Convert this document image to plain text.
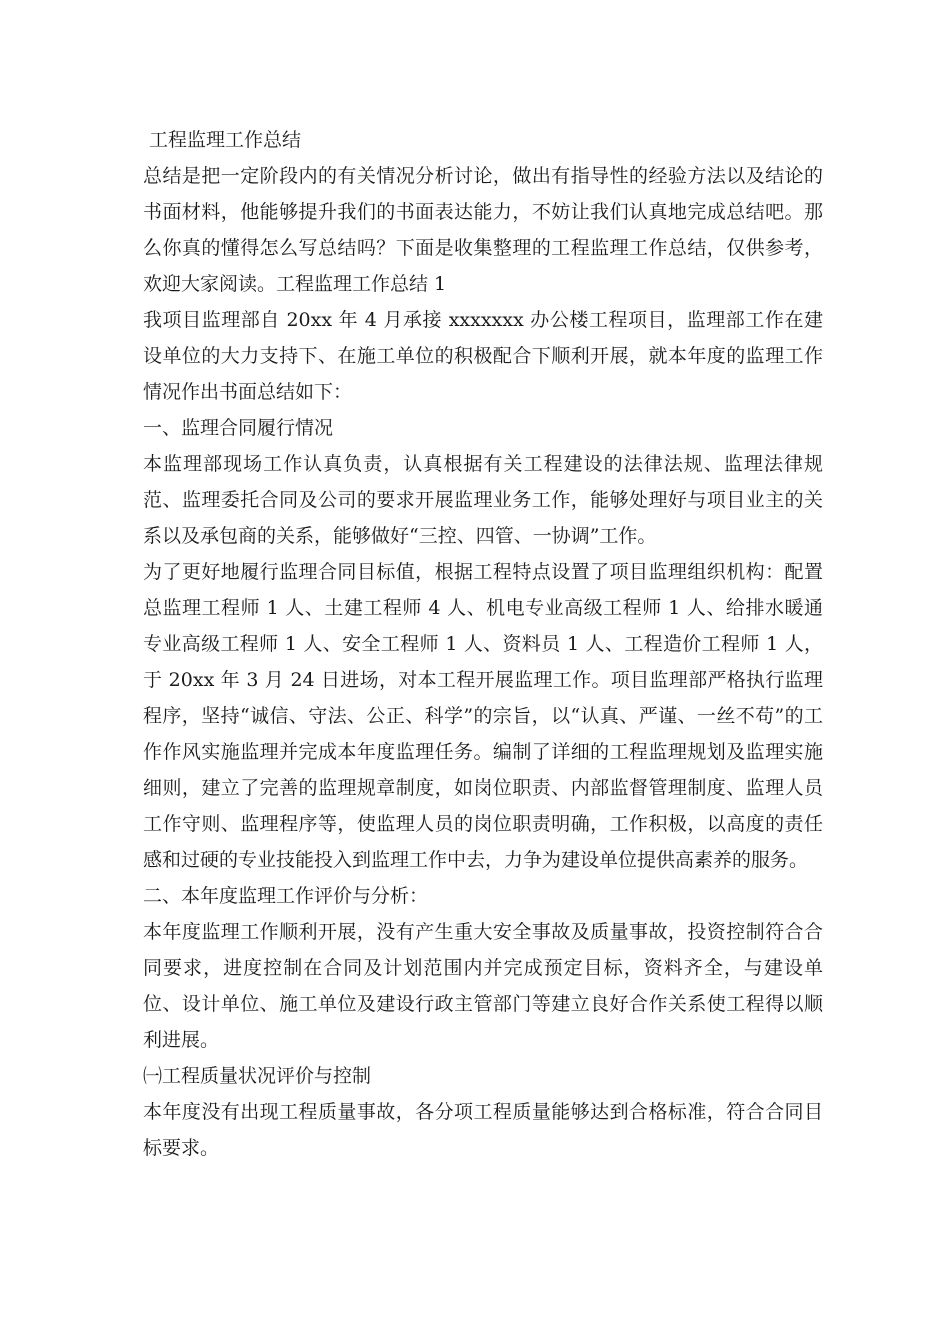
工程监理工作总结

总结是把一定阶段内的有关情况分析讨论，做出有指导性的经验方法以及结论的书面材料，他能够提升我们的书面表达能力，不妨让我们认真地完成总结吧。那么你真的懂得怎么写总结吗？下面是收集整理的工程监理工作总结，仅供参考，欢迎大家阅读。工程监理工作总结 1

我项目监理部自 20xx 年 4 月承接 xxxxxxx 办公楼工程项目，监理部工作在建设单位的大力支持下、在施工单位的积极配合下顺利开展，就本年度的监理工作情况作出书面总结如下：

一、监理合同履行情况

本监理部现场工作认真负责，认真根据有关工程建设的法律法规、监理法律规范、监理委托合同及公司的要求开展监理业务工作，能够处理好与项目业主的关系以及承包商的关系，能够做好“三控、四管、一协调”工作。

为了更好地履行监理合同目标值，根据工程特点设置了项目监理组织机构：配置总监理工程师 1 人、土建工程师 4 人、机电专业高级工程师 1 人、给排水暖通专业高级工程师 1 人、安全工程师 1 人、资料员 1 人、工程造价工程师 1 人，于 20xx 年 3 月 24 日进场，对本工程开展监理工作。项目监理部严格执行监理程序，坚持“诚信、守法、公正、科学”的宗旨，以“认真、严谨、一丝不苟”的工作作风实施监理并完成本年度监理任务。编制了详细的工程监理规划及监理实施细则，建立了完善的监理规章制度，如岗位职责、内部监督管理制度、监理人员工作守则、监理程序等，使监理人员的岗位职责明确，工作积极，以高度的责任感和过硬的专业技能投入到监理工作中去，力争为建设单位提供高素养的服务。

二、本年度监理工作评价与分析：

本年度监理工作顺利开展，没有产生重大安全事故及质量事故，投资控制符合合同要求，进度控制在合同及计划范围内并完成预定目标，资料齐全，与建设单位、设计单位、施工单位及建设行政主管部门等建立良好合作关系使工程得以顺利进展。

㈠工程质量状况评价与控制

本年度没有出现工程质量事故，各分项工程质量能够达到合格标准，符合合同目标要求。
